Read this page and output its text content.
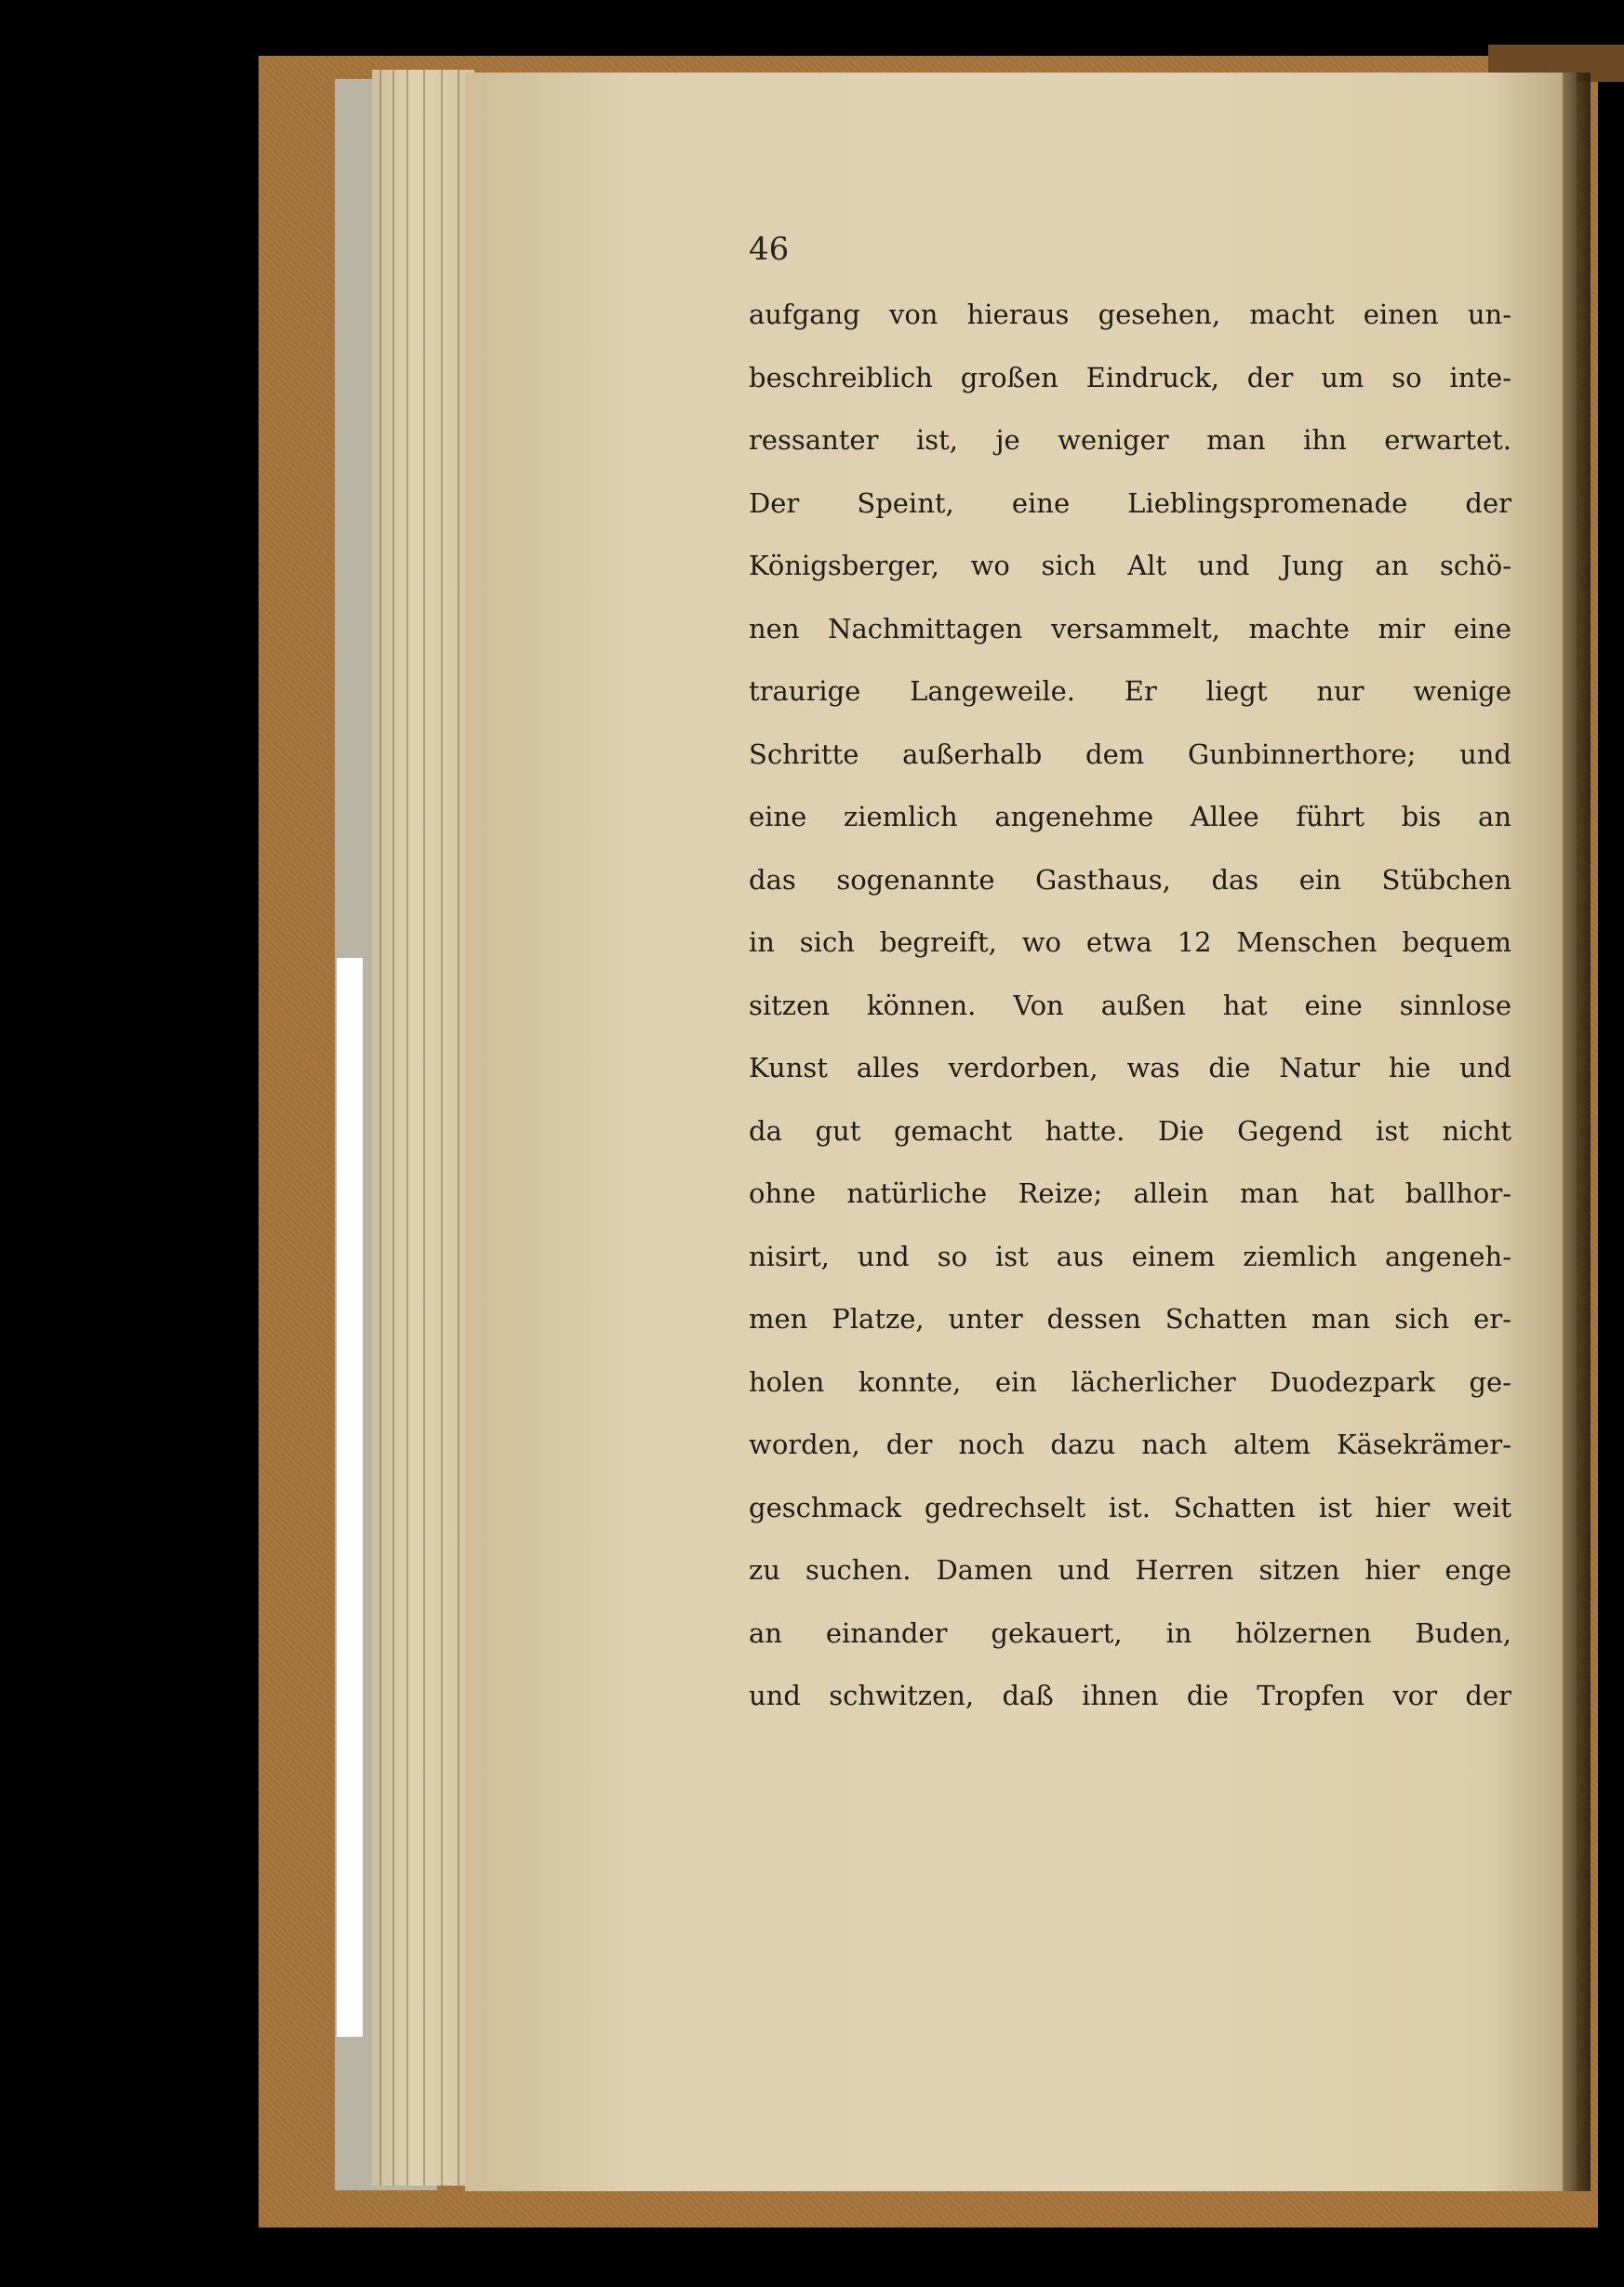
46

aufgang von hieraus gesehen, macht einen un-
beschreiblich großen Eindruck, der um so inte-
ressanter ist, je weniger man ihn erwartet.
Der Speint, eine Lieblingspromenade der
Königsberger, wo sich Alt und Jung an schö-
nen Nachmittagen versammelt, machte mir eine
traurige Langeweile. Er liegt nur wenige
Schritte außerhalb dem Gunbinnerthore; und
eine ziemlich angenehme Allee führt bis an
das sogenannte Gasthaus, das ein Stübchen
in sich begreift, wo etwa 12 Menschen bequem
sitzen können. Von außen hat eine sinnlose
Kunst alles verdorben, was die Natur hie und
da gut gemacht hatte. Die Gegend ist nicht
ohne natürliche Reize; allein man hat ballhor-
nisirt, und so ist aus einem ziemlich angeneh-
men Platze, unter dessen Schatten man sich er-
holen konnte, ein lächerlicher Duodezpark ge-
worden, der noch dazu nach altem Käsekrämer-
geschmack gedrechselt ist. Schatten ist hier weit
zu suchen. Damen und Herren sitzen hier enge
an einander gekauert, in hölzernen Buden,
und schwitzen, daß ihnen die Tropfen vor der
